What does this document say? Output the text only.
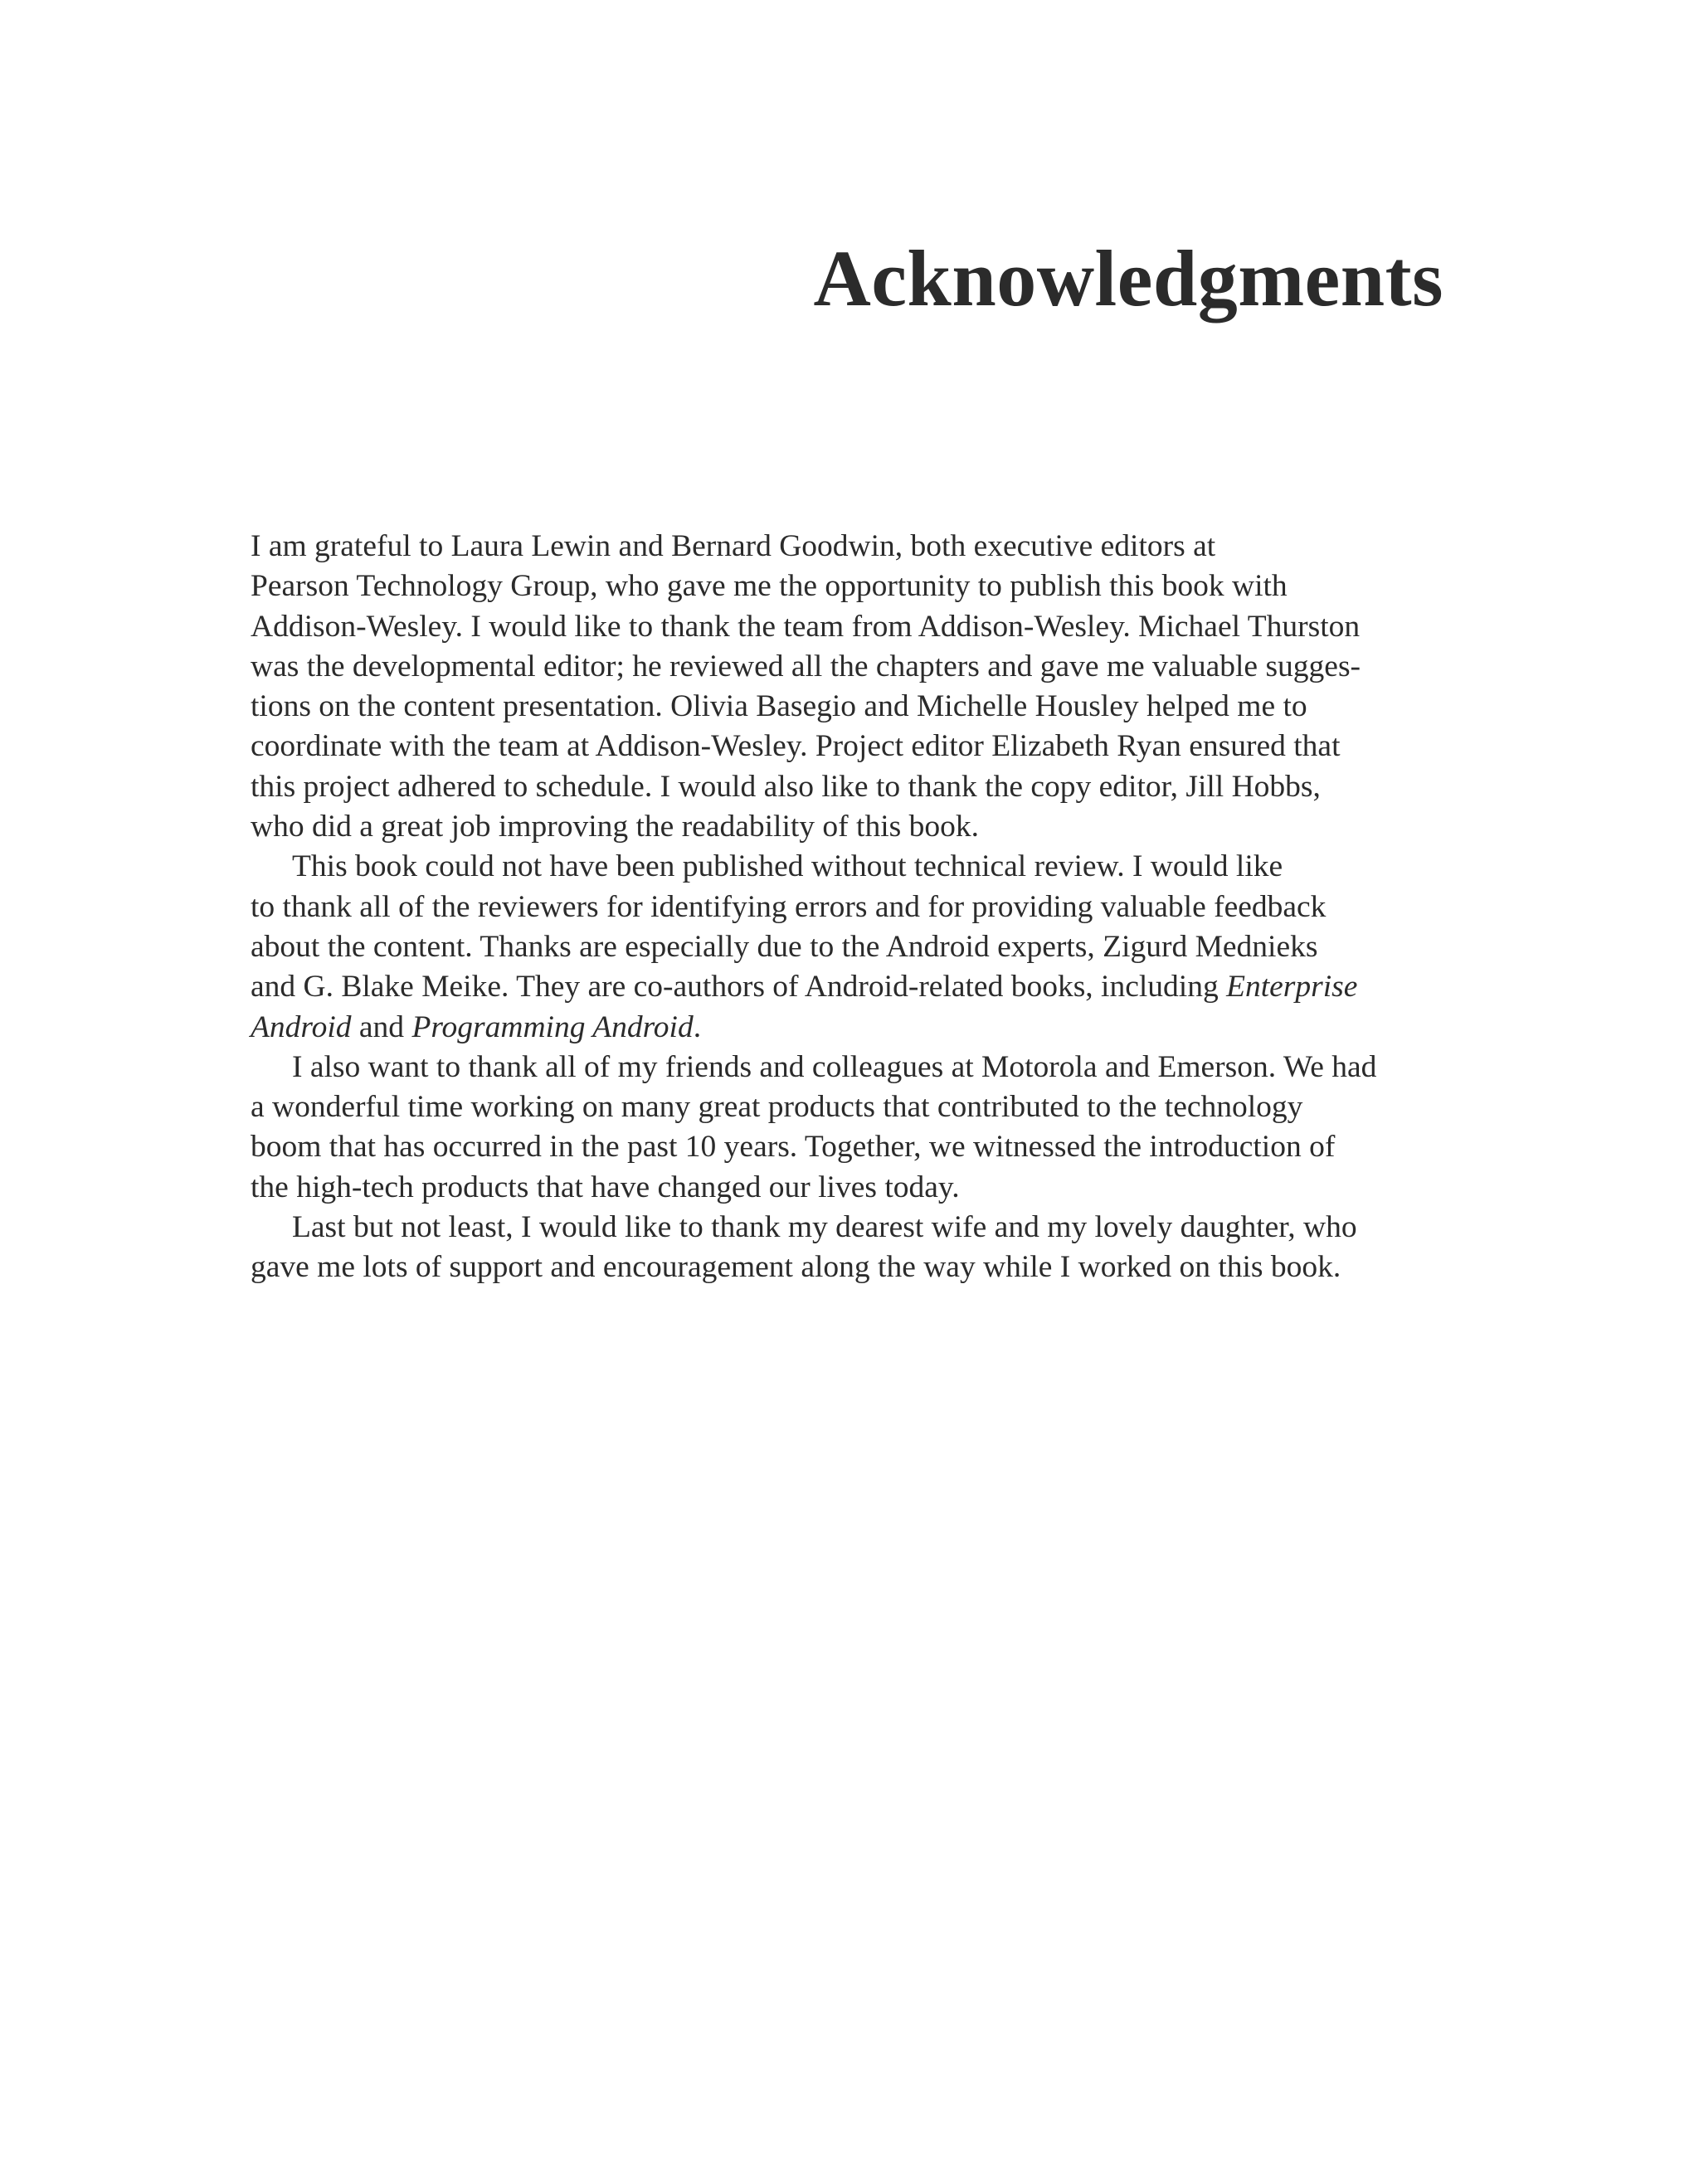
Acknowledgments
I am grateful to Laura Lewin and Bernard Goodwin, both executive editors at
Pearson Technology Group, who gave me the opportunity to publish this book with
Addison-Wesley. I would like to thank the team from Addison-Wesley. Michael Thurston
was the developmental editor; he reviewed all the chapters and gave me valuable sugges-
tions on the content presentation. Olivia Basegio and Michelle Housley helped me to
coordinate with the team at Addison-Wesley. Project editor Elizabeth Ryan ensured that
this project adhered to schedule. I would also like to thank the copy editor, Jill Hobbs,
who did a great job improving the readability of this book.
This book could not have been published without technical review. I would like
to thank all of the reviewers for identifying errors and for providing valuable feedback
about the content. Thanks are especially due to the Android experts, Zigurd Mednieks
and G. Blake Meike. They are co-authors of Android-related books, including Enterprise
Android and Programming Android.
I also want to thank all of my friends and colleagues at Motorola and Emerson. We had
a wonderful time working on many great products that contributed to the technology
boom that has occurred in the past 10 years. Together, we witnessed the introduction of
the high-tech products that have changed our lives today.
Last but not least, I would like to thank my dearest wife and my lovely daughter, who
gave me lots of support and encouragement along the way while I worked on this book.
